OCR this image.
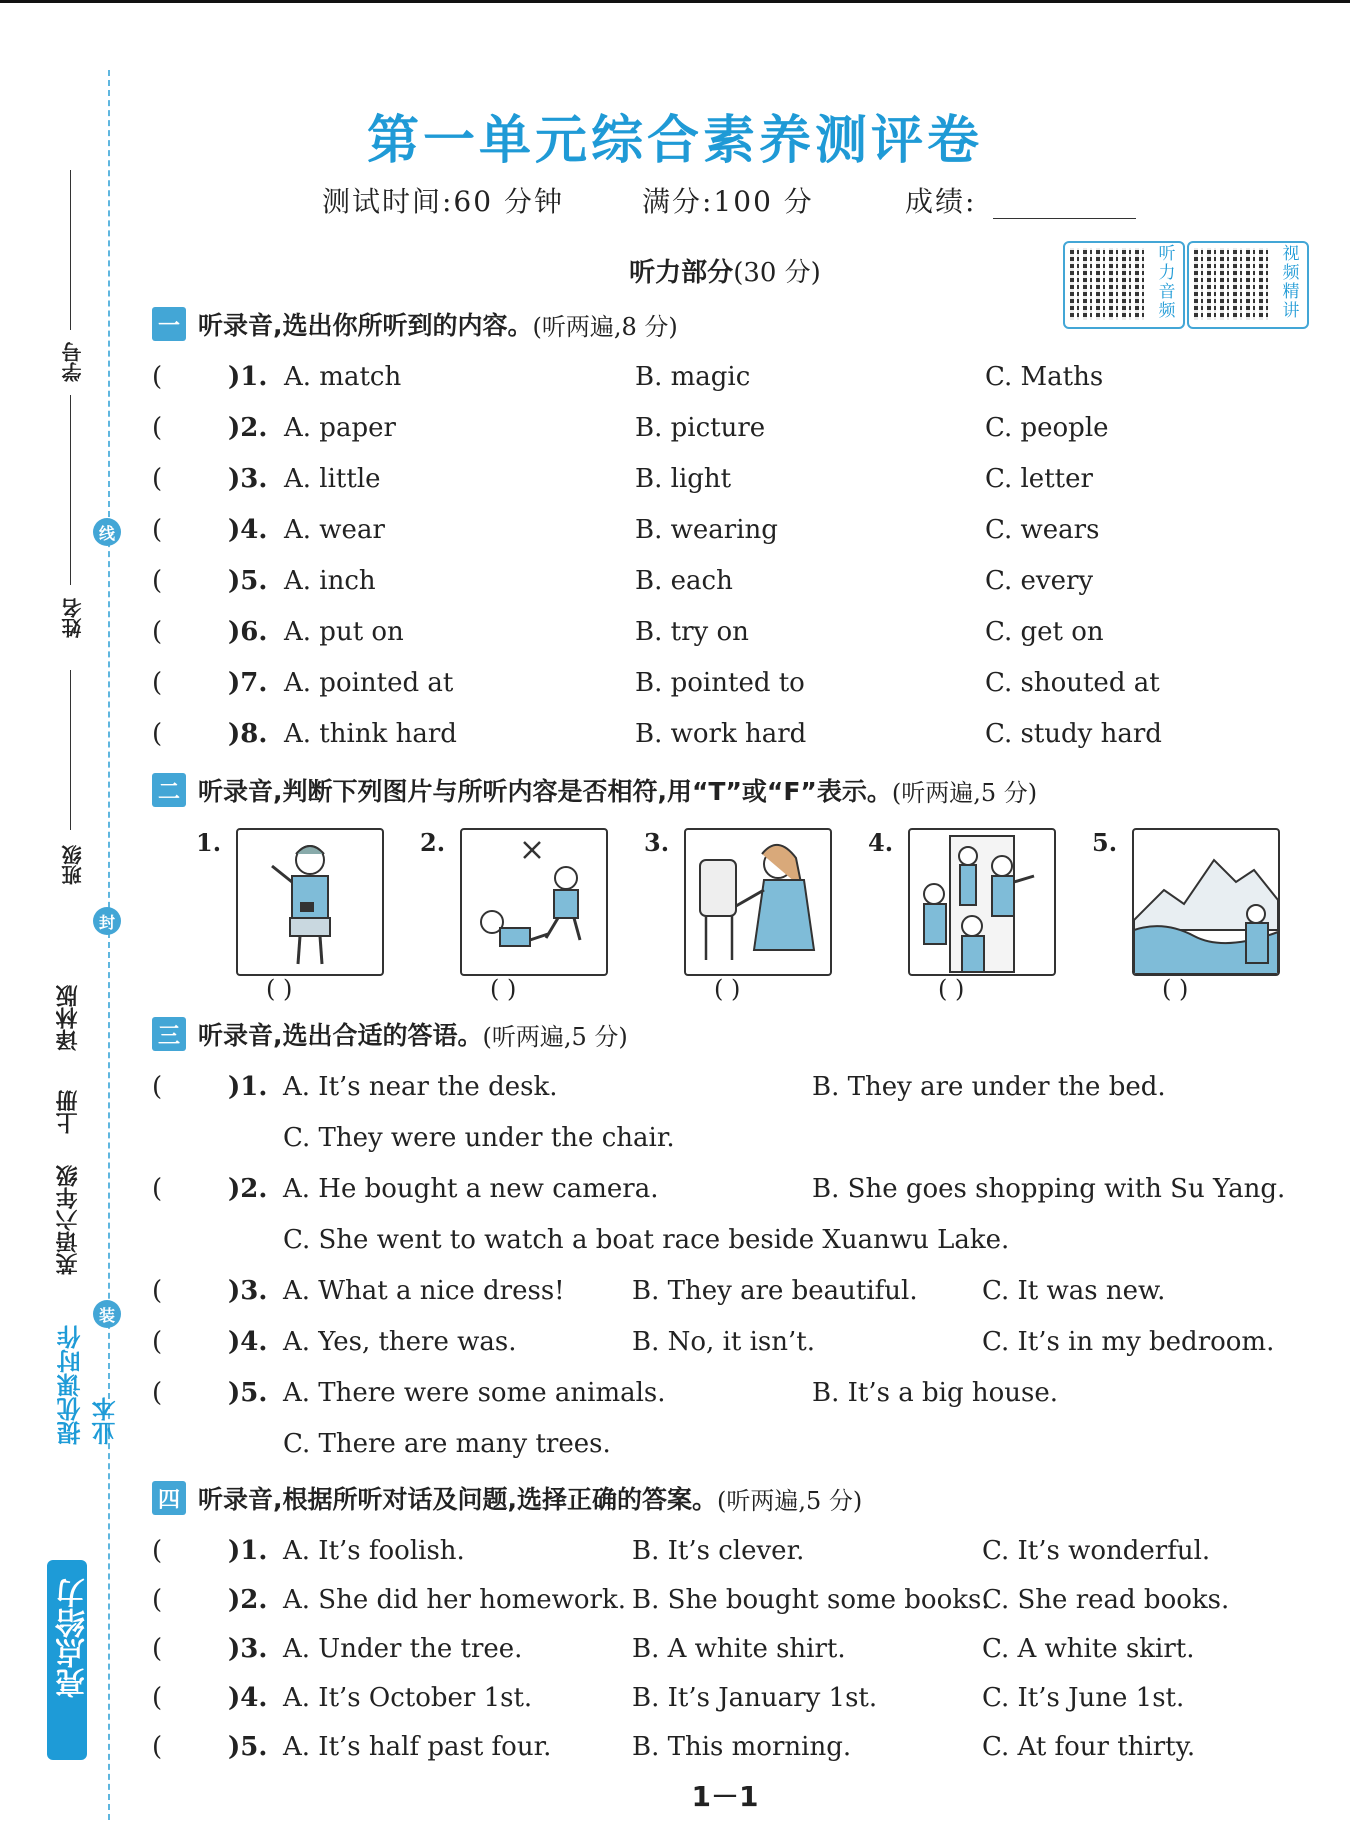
学号
姓名
班级
线
封
装
译林版
上册
英语六年级
提优课时作业本
亮点给力
第一单元综合素养测评卷
测试时间:60 分钟	满分:100 分	成绩:
听力部分(30 分)
听力音频
视频精讲
一 听录音,选出你所听到的内容。 (听两遍,8 分)
(	)1. A. match	B. magic	C. Maths
(	)2. A. paper	B. picture	C. people
(	)3. A. little	B. light	C. letter
(	)4. A. wear	B. wearing	C. wears
(	)5. A. inch	B. each	C. every
(	)6. A. put on	B. try on	C. get on
(	)7. A. pointed at	B. pointed to	C. shouted at
(	)8. A. think hard	B. work hard	C. study hard
二 听录音,判断下列图片与所听内容是否相符,用“T”或“F”表示。 (听两遍,5 分)
1.
( )
2.
( )
3.
( )
4.
( )
5.
( )
三 听录音,选出合适的答语。 (听两遍,5 分)
(	)1. A. It’s near the desk.	B. They are under the bed.
C. They were under the chair.
(	)2. A. He bought a new camera.	B. She goes shopping with Su Yang.
C. She went to watch a boat race beside Xuanwu Lake.
(	)3. A. What a nice dress!	B. They are beautiful. C. It was new.
(	)4. A. Yes, there was.	B. No, it isn’t.	C. It’s in my bedroom.
(	)5. A. There were some animals.	B. It’s a big house.
C. There are many trees.
四 听录音,根据所听对话及问题,选择正确的答案。 (听两遍,5 分)
(	)1. A. It’s foolish.	B. It’s clever.	C. It’s wonderful.
(	)2. A. She did her homework. B. She bought some books.
C. She read books.
(	)3. A. Under the tree.	B. A white shirt.	C. A white skirt.
(	)4. A. It’s October 1st.	B. It’s January 1st.	C. It’s June 1st.
(	)5. A. It’s half past four.	B. This morning.	C. At four thirty.
1－1
